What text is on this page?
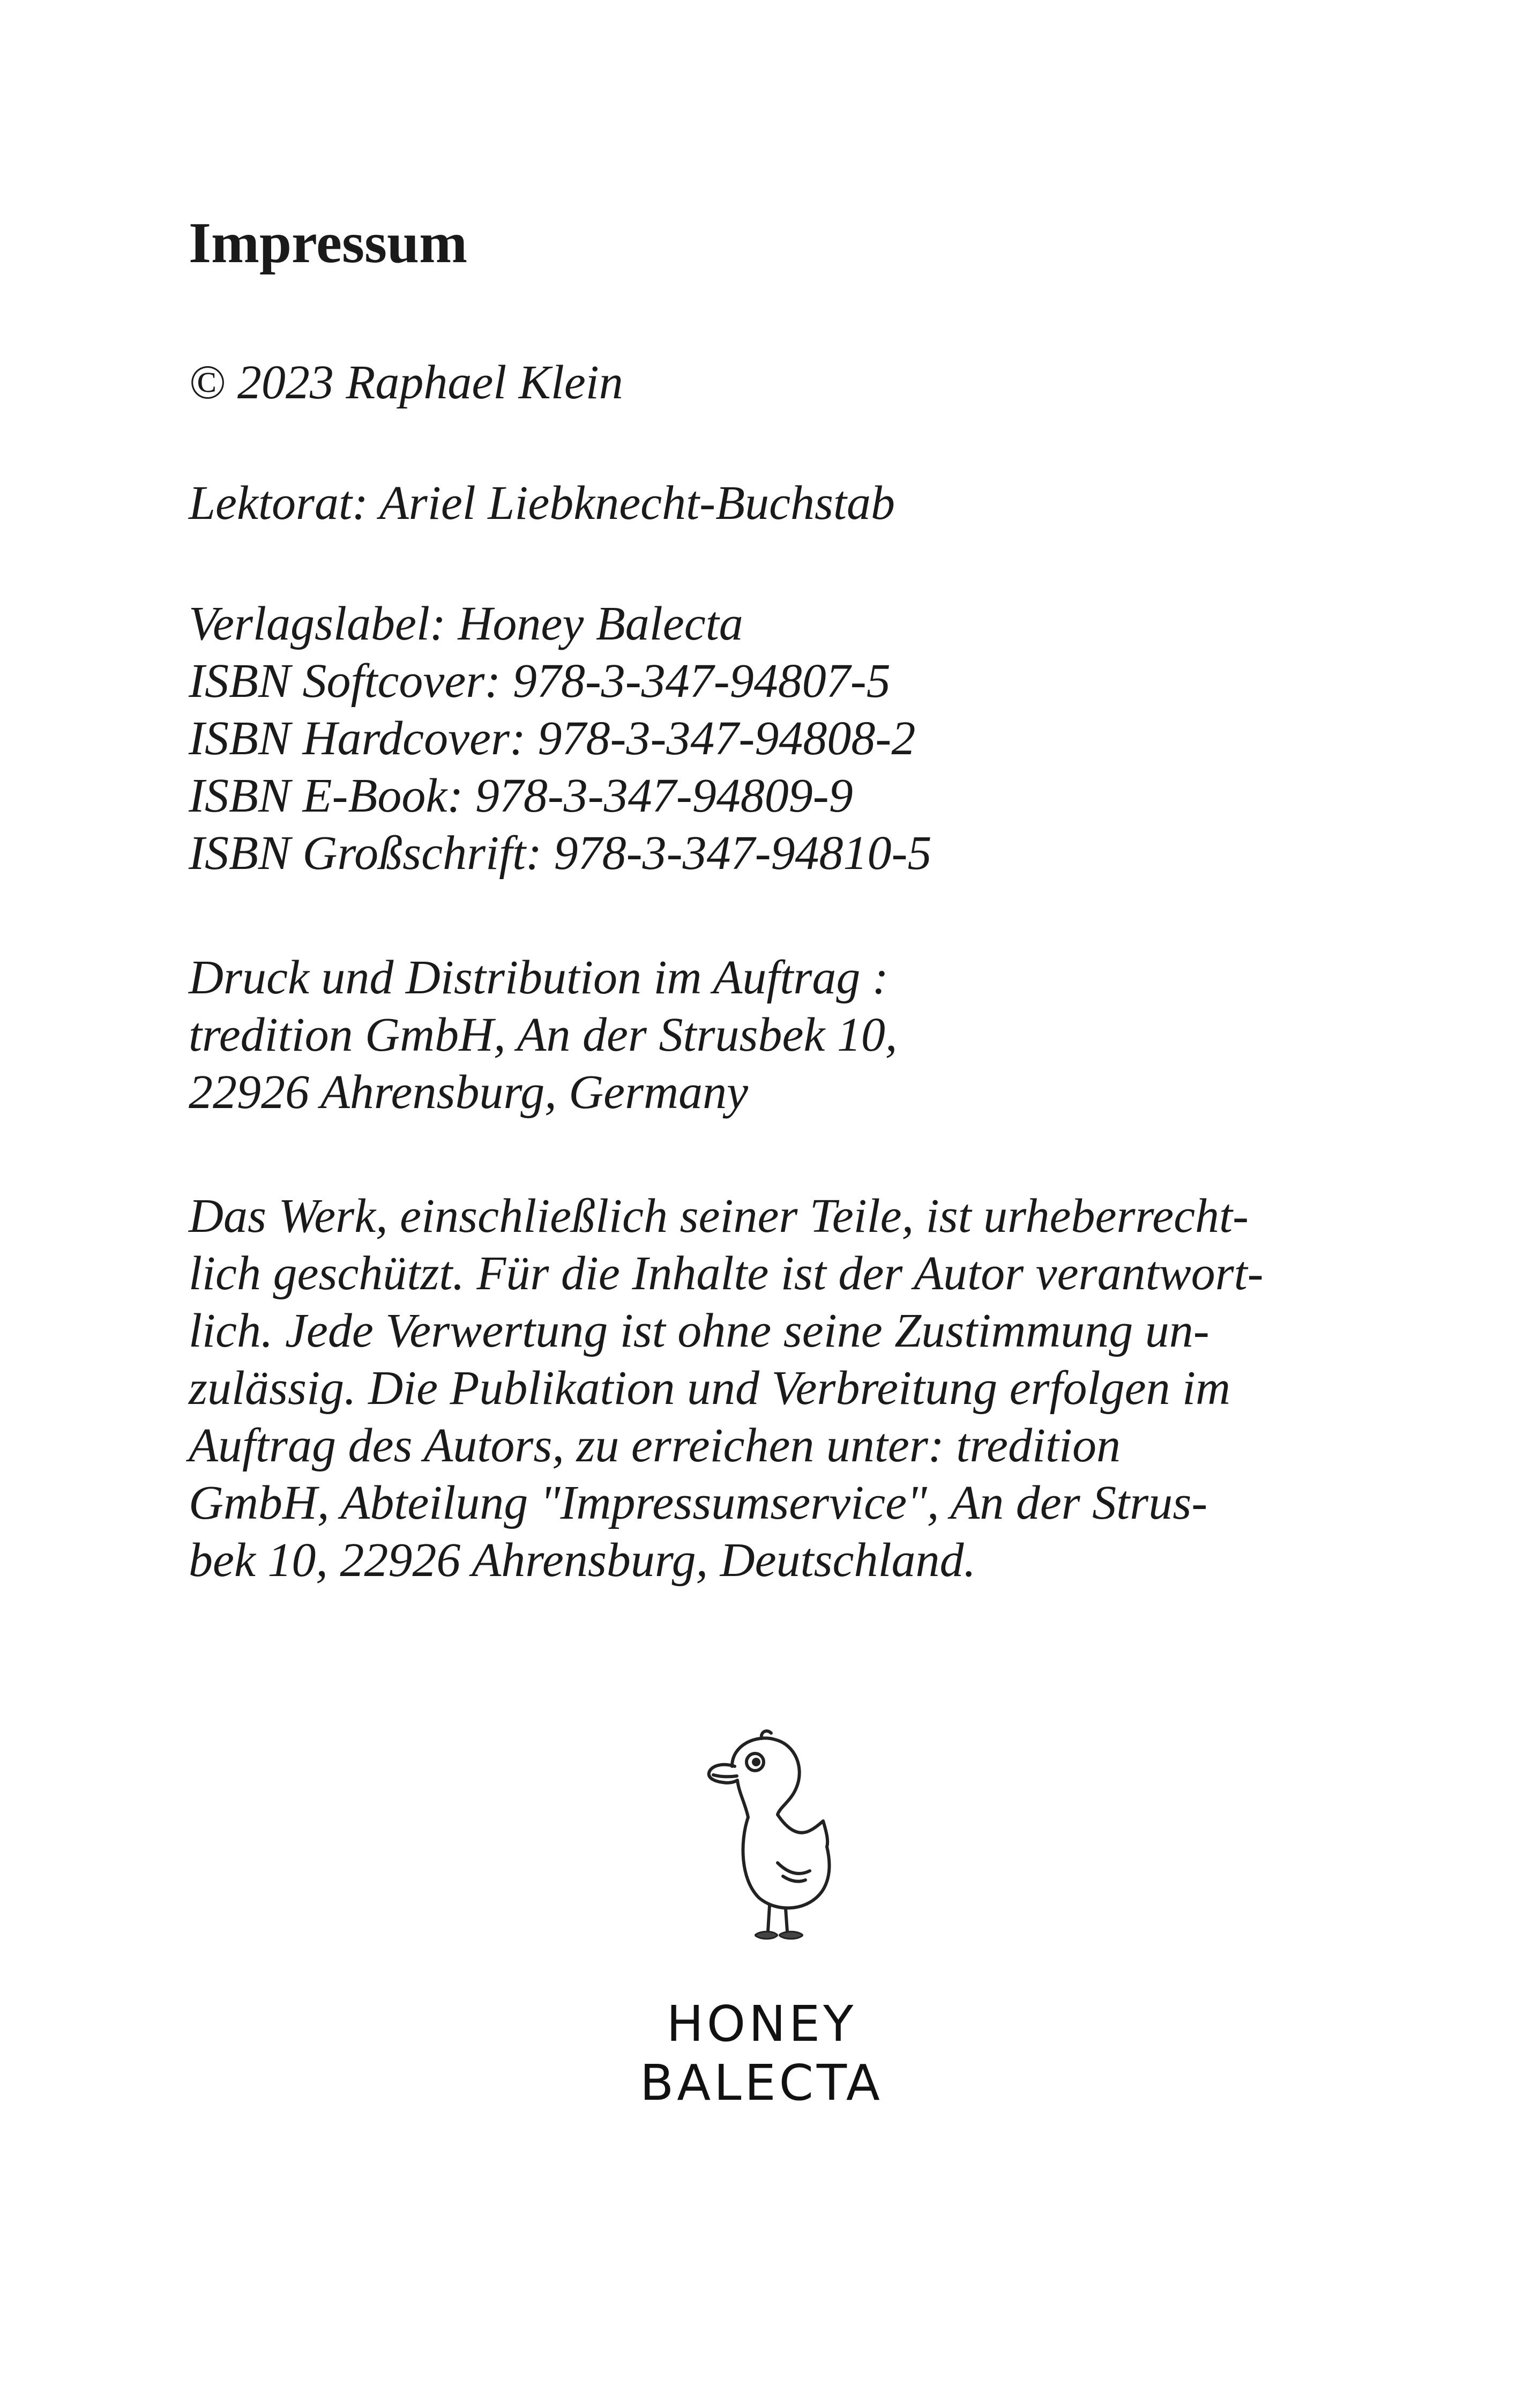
Impressum

© 2023 Raphael Klein

Lektorat: Ariel Liebknecht-Buchstab

Verlagslabel: Honey Balecta
ISBN Softcover: 978-3-347-94807-5
ISBN Hardcover: 978-3-347-94808-2
ISBN E-Book: 978-3-347-94809-9
ISBN Großschrift: 978-3-347-94810-5

Druck und Distribution im Auftrag :
tredition GmbH, An der Strusbek 10,
22926 Ahrensburg, Germany

Das Werk, einschließlich seiner Teile, ist urheberrecht-
lich geschützt. Für die Inhalte ist der Autor verantwort-
lich. Jede Verwertung ist ohne seine Zustimmung un-
zulässig. Die Publikation und Verbreitung erfolgen im
Auftrag des Autors, zu erreichen unter: tredition
GmbH, Abteilung "Impressumservice", An der Strus-
bek 10, 22926 Ahrensburg, Deutschland.

HONEY
BALECTA
